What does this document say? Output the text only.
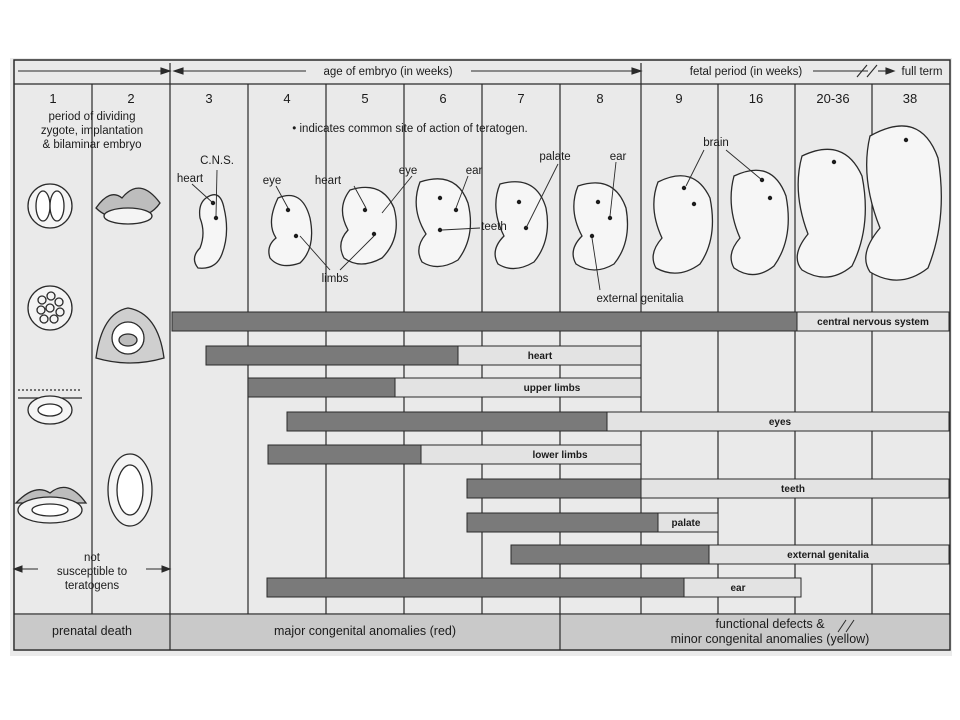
age of embryo (in weeks)	fetal period (in weeks)	full term
1	2	3	4	5	6	7	8	9	16	20-36	38
period of dividing
zygote, implantation
& bilaminar embryo
• indicates common site of action of teratogen.
not
susceptible to
teratogens
C.N.S.
heart	eye	heart
eye	ear
teeth
limbs
palate	ear
brain
external genitalia
central nervous system
heart
upper limbs
eyes
lower limbs
teeth
palate
external genitalia
ear
prenatal death	major congenital anomalies (red)	functional defects &
minor congenital anomalies (yellow)
